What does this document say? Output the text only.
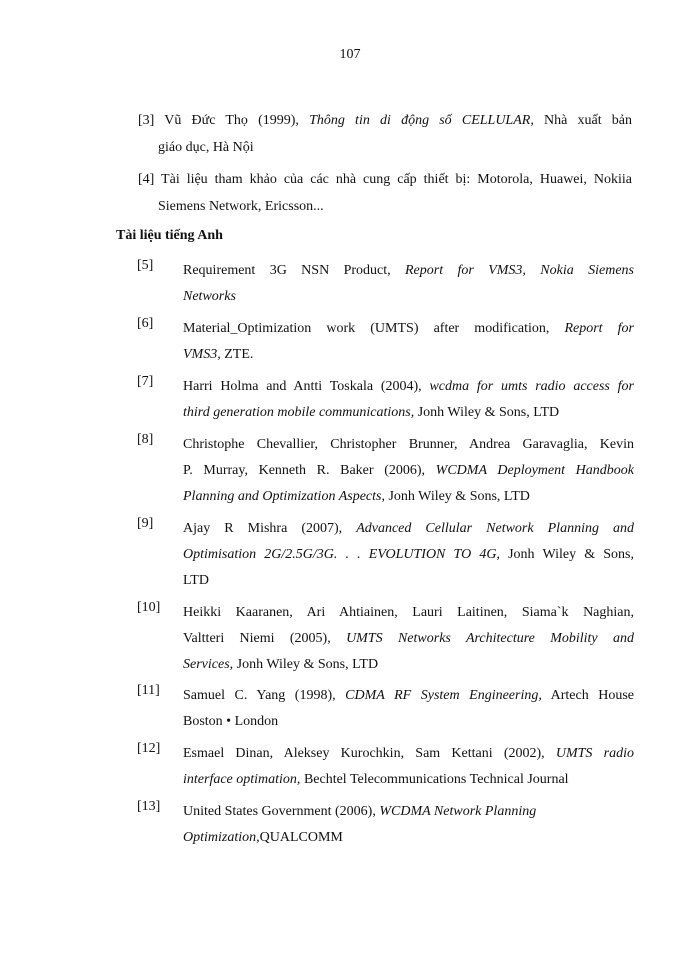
107
[3] Vũ Đức Thọ (1999), Thông tin di động số CELLULAR, Nhà xuất bản
giáo dục, Hà Nội
[4] Tài liệu tham khảo của các nhà cung cấp thiết bị: Motorola, Huawei, Nokiia
Siemens Network, Ericsson...
Tài liệu tiếng Anh
[5] Requirement 3G NSN Product, Report for VMS3, Nokia Siemens
Networks
[6] Material_Optimization work (UMTS) after modification, Report for
VMS3, ZTE.
[7] Harri Holma and Antti Toskala (2004), wcdma for umts radio access for
third generation mobile communications, Jonh Wiley & Sons, LTD
[8] Christophe Chevallier, Christopher Brunner, Andrea Garavaglia, Kevin
P. Murray, Kenneth R. Baker (2006), WCDMA Deployment Handbook
Planning and Optimization Aspects, Jonh Wiley & Sons, LTD
[9] Ajay R Mishra (2007), Advanced Cellular Network Planning and
Optimisation 2G/2.5G/3G. . . EVOLUTION TO 4G, Jonh Wiley & Sons,
LTD
[10] Heikki Kaaranen, Ari Ahtiainen, Lauri Laitinen, Siama`k Naghian,
Valtteri Niemi (2005), UMTS Networks Architecture Mobility and
Services, Jonh Wiley & Sons, LTD
[11] Samuel C. Yang (1998), CDMA RF System Engineering, Artech House
Boston • London
[12] Esmael Dinan, Aleksey Kurochkin, Sam Kettani (2002), UMTS radio
interface optimation, Bechtel Telecommunications Technical Journal
[13] United States Government (2006), WCDMA Network Planning
Optimization,QUALCOMM
